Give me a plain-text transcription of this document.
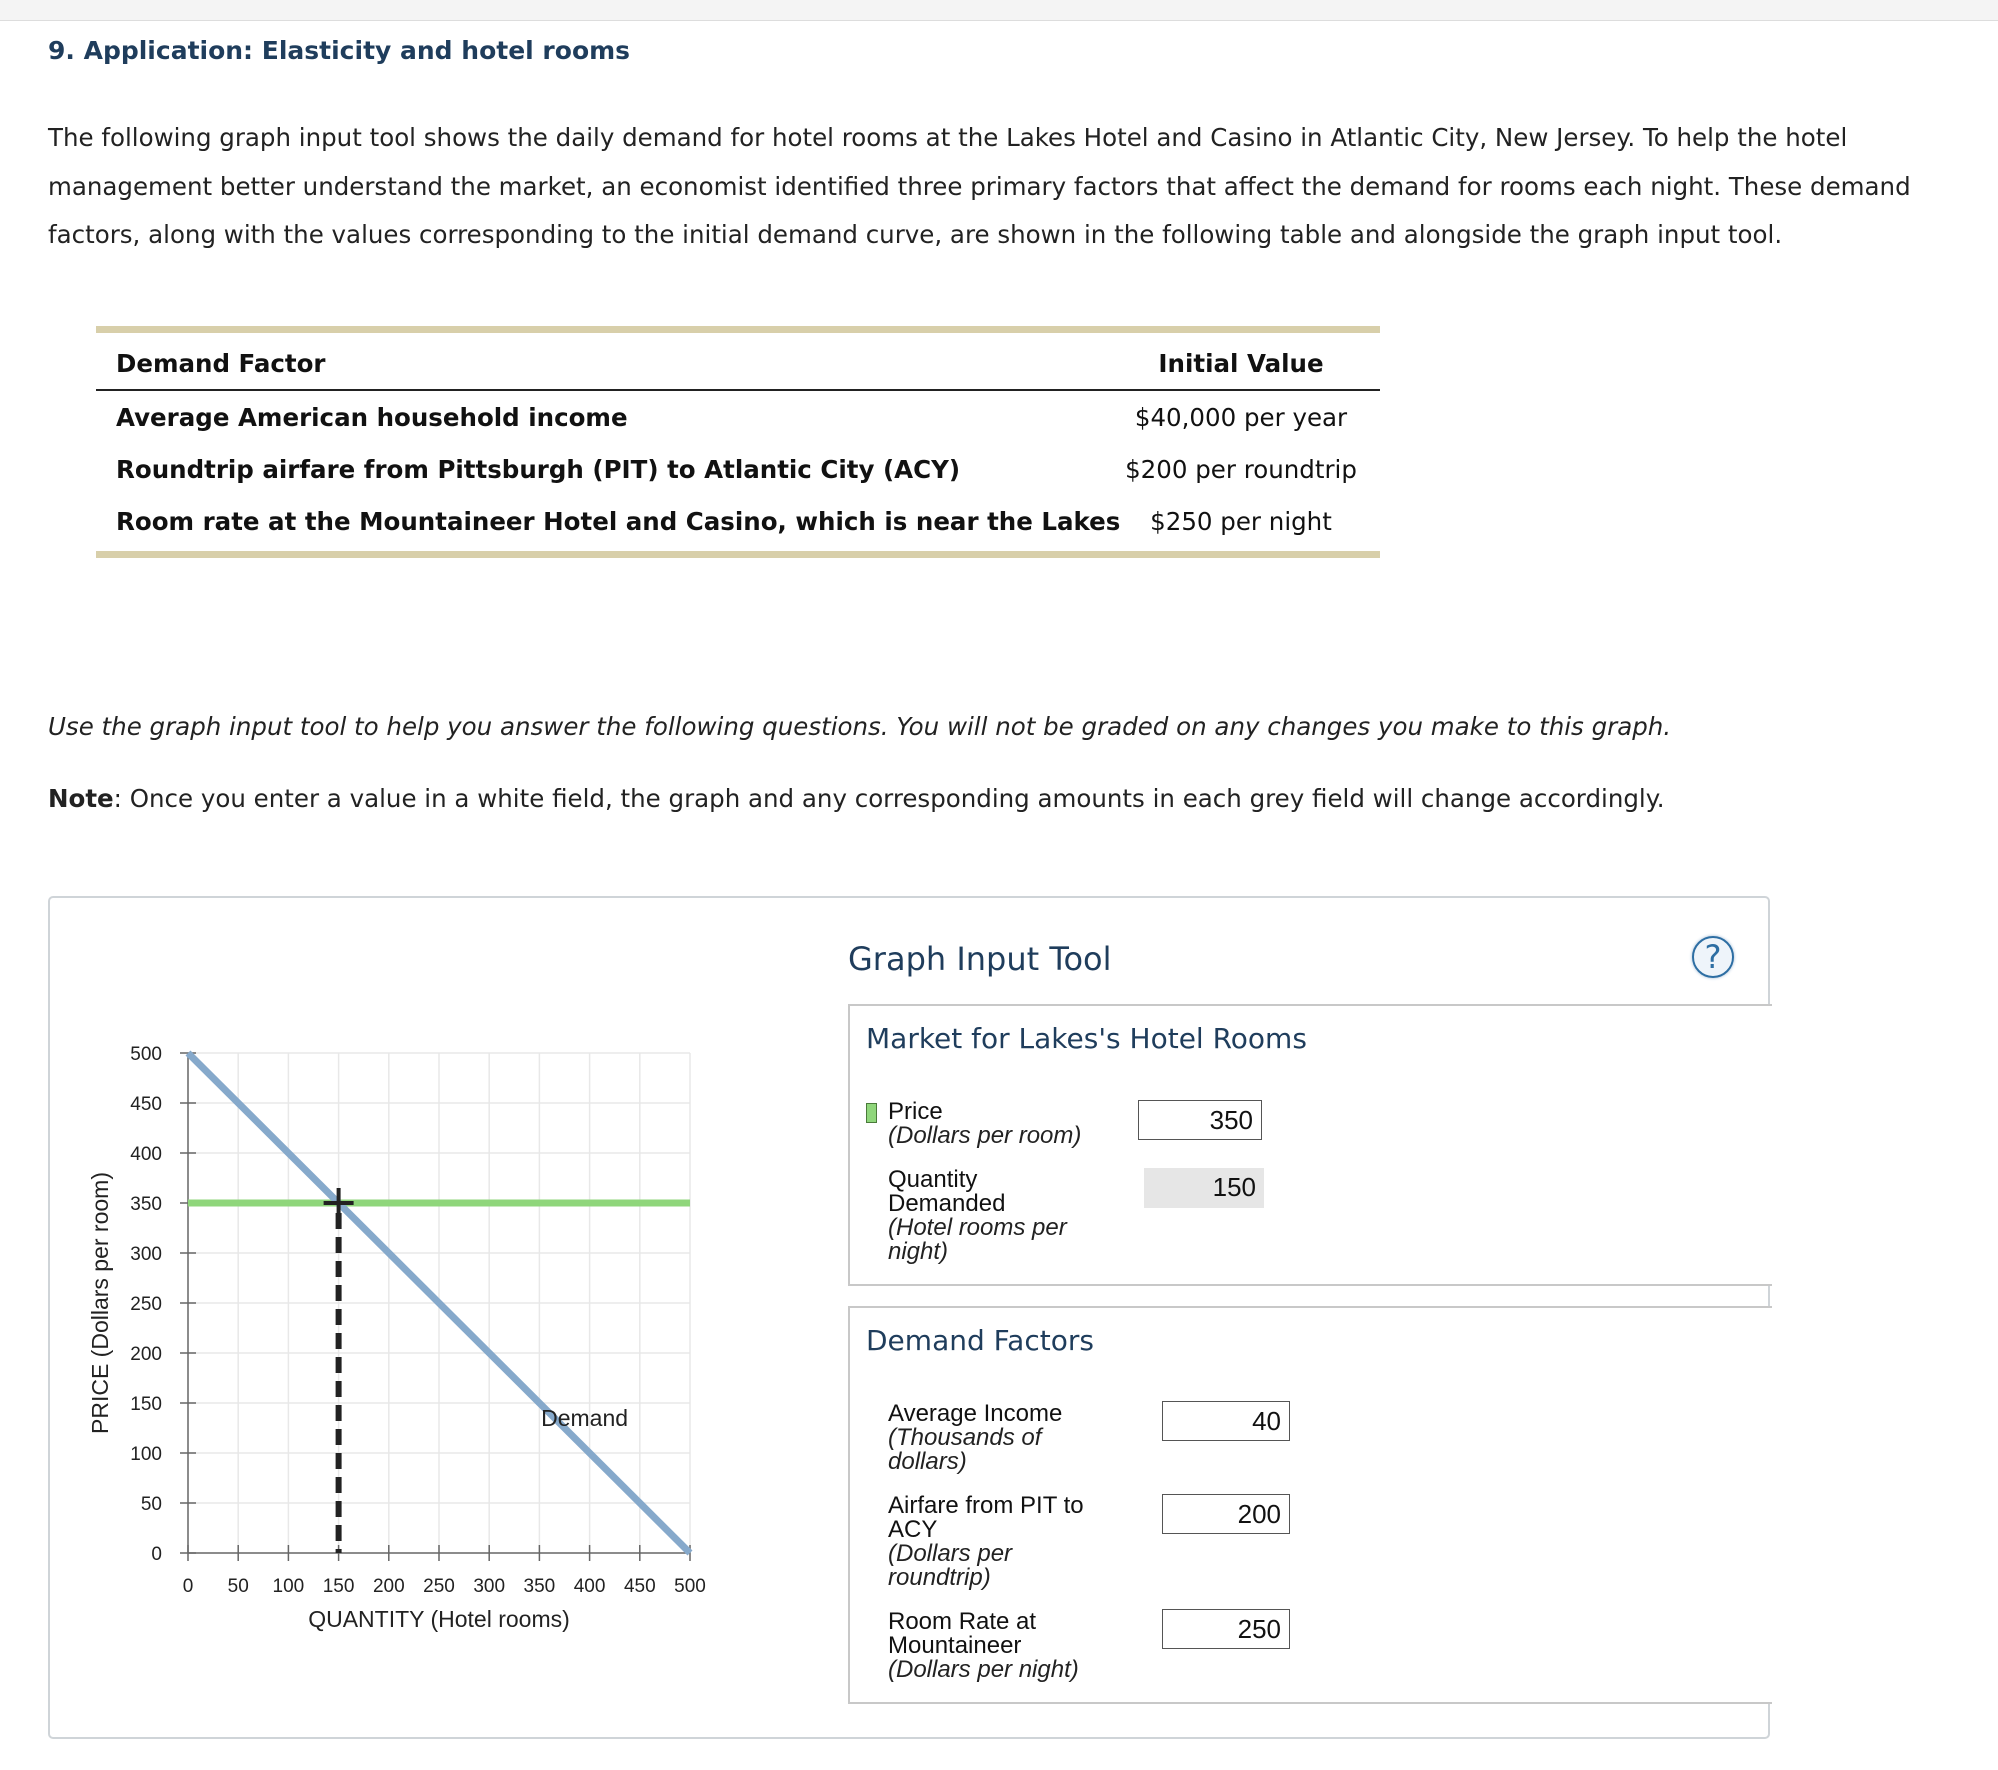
9. Application: Elasticity and hotel rooms
The following graph input tool shows the daily demand for hotel rooms at the Lakes Hotel and Casino in Atlantic City, New Jersey. To help the hotel
management better understand the market, an economist identified three primary factors that affect the demand for rooms each night. These demand
factors, along with the values corresponding to the initial demand curve, are shown in the following table and alongside the graph input tool.
Demand Factor	Initial Value
Average American household income	$40,000 per year
Roundtrip airfare from Pittsburgh (PIT) to Atlantic City (ACY)	$200 per roundtrip
Room rate at the Mountaineer Hotel and Casino, which is near the Lakes	$250 per night
Use the graph input tool to help you answer the following questions. You will not be graded on any changes you make to this graph.
Note: Once you enter a value in a white field, the graph and any corresponding amounts in each grey field will change accordingly.
0
50
100
150
200
250
300
350
400
450
500
0 50 100 150 200 250 300 350 400 450 500
QUANTITY (Hotel rooms)
PRICE (Dollars per room)	Demand
Graph Input Tool	?
Market for Lakes's Hotel Rooms
Price
(Dollars per room)
350
Quantity
Demanded
(Hotel rooms per
night)
150
Demand Factors
Average Income
(Thousands of
dollars)
40
Airfare from PIT to
ACY
(Dollars per
roundtrip)
200
Room Rate at
Mountaineer
(Dollars per night)
250
